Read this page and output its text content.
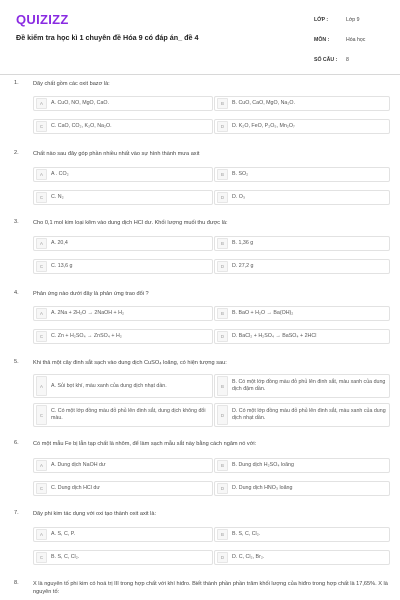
QUIZIZZ
Đề kiểm tra học kì 1 chuyên đề Hóa 9 có đáp án_ đề 4
LỚP :	Lớp 9
MÔN :	Hóa học
SỐ CÂU :	8
1.	Dãy chất gồm các oxit bazơ là:
A	A. CuO, NO, MgO, CaO.	B	B. CuO, CaO, MgO, Na₂O.
C	C. CaO, CO₂, K₂O, Na₂O.	D	D. K₂O, FeO, P₂O₅, Mn₂O₇
2.	Chất nào sau đây góp phần nhiều nhất vào sự hình thành mưa axit
A	A . CO₂	B	B. SO₂
C	C. N₂	D	D. O₃
3.	Cho 0,1 mol kim loại kẽm vào dung dịch HCl dư. Khối lượng muối thu được là:
A	A. 20,4	B	B. 1,36 g
C	C. 13,6 g	D	D. 27,2 g
4.	Phản ứng nào dưới đây là phản ứng trao đổi ?
A	A. 2Na + 2H₂O → 2NaOH + H₂	B	B. BaO + H₂O → Ba(OH)₂
C	C. Zn + H₂SO₄ → ZnSO₄ + H₂	D	D. BaCl₂ + H₂SO₄ → BaSO₄ + 2HCl
5.	Khi thả một cây đinh sắt sạch vào dung dịch CuSO₄ loãng, có hiện tượng sau:
A	A. Sủi bọt khí, màu xanh của dung dịch nhạt dần.	B
B. Có một lớp đồng màu đỏ phủ lên đinh sắt, màu xanh của dung dịch đậm dần.
C
C. Có một lớp đồng màu đỏ phủ lên đinh sắt, dung dịch không đổi màu.	D
D. Có một lớp đồng màu đỏ phủ lên đinh sắt, màu xanh của dung dịch nhạt dần.
6.	Có một mẫu Fe bị lẫn tạp chất là nhôm, để làm sạch mẫu sắt này bằng cách ngâm nó với:
A	A. Dung dịch NaOH dư	B	B. Dung dịch H₂SO₄ loãng
C	C. Dung dịch HCl dư	D	D. Dung dịch HNO₃ loãng
7.	Dãy phi kim tác dụng với oxi tạo thành oxit axit là:
A	A. S, C, P.	B	B. S, C, Cl₂.
C	B. S, C, Cl₂.	D	D. C, Cl₂, Br₂.
8.	X là nguyên tố phi kim có hoá trị III trong hợp chất với khí hiđro. Biết thành phần phần trăm khối lượng của hiđro trong hợp chất là 17,65%. X là nguyên tố:
